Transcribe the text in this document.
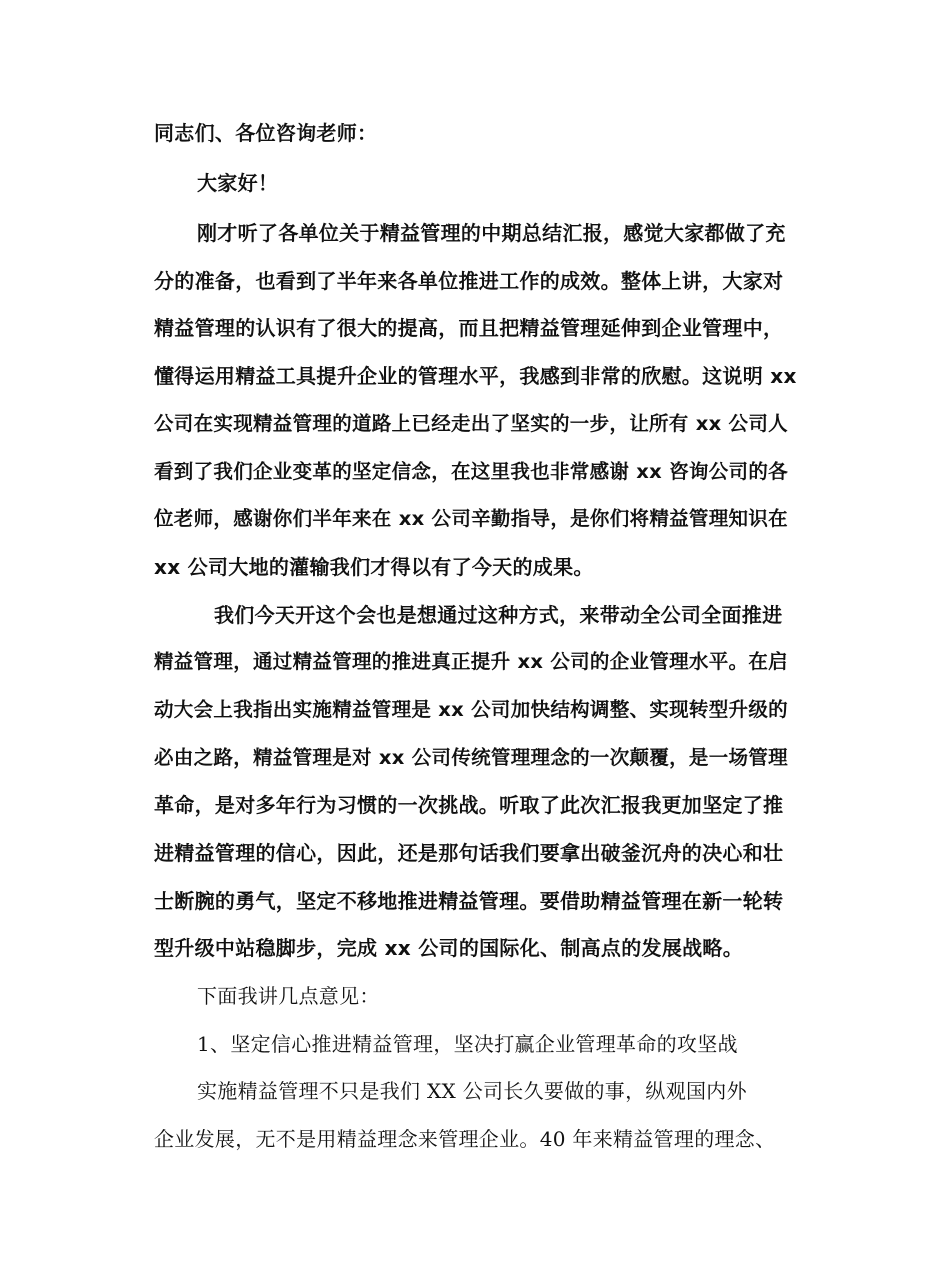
同志们、各位咨询老师：
大家好！
刚才听了各单位关于精益管理的中期总结汇报，感觉大家都做了充
分的准备，也看到了半年来各单位推进工作的成效。整体上讲，大家对
精益管理的认识有了很大的提高，而且把精益管理延伸到企业管理中，
懂得运用精益工具提升企业的管理水平，我感到非常的欣慰。这说明 xx
公司在实现精益管理的道路上已经走出了坚实的一步，让所有 xx 公司人
看到了我们企业变革的坚定信念，在这里我也非常感谢 xx 咨询公司的各
位老师，感谢你们半年来在 xx 公司辛勤指导，是你们将精益管理知识在
xx 公司大地的灌输我们才得以有了今天的成果。
我们今天开这个会也是想通过这种方式，来带动全公司全面推进
精益管理，通过精益管理的推进真正提升 xx 公司的企业管理水平。在启
动大会上我指出实施精益管理是 xx 公司加快结构调整、实现转型升级的
必由之路，精益管理是对 xx 公司传统管理理念的一次颠覆，是一场管理
革命，是对多年行为习惯的一次挑战。听取了此次汇报我更加坚定了推
进精益管理的信心，因此，还是那句话我们要拿出破釜沉舟的决心和壮
士断腕的勇气，坚定不移地推进精益管理。要借助精益管理在新一轮转
型升级中站稳脚步，完成 xx 公司的国际化、制高点的发展战略。
下面我讲几点意见：
1、坚定信心推进精益管理，坚决打赢企业管理革命的攻坚战
实施精益管理不只是我们 XX 公司长久要做的事，纵观国内外
企业发展，无不是用精益理念来管理企业。40 年来精益管理的理念、
